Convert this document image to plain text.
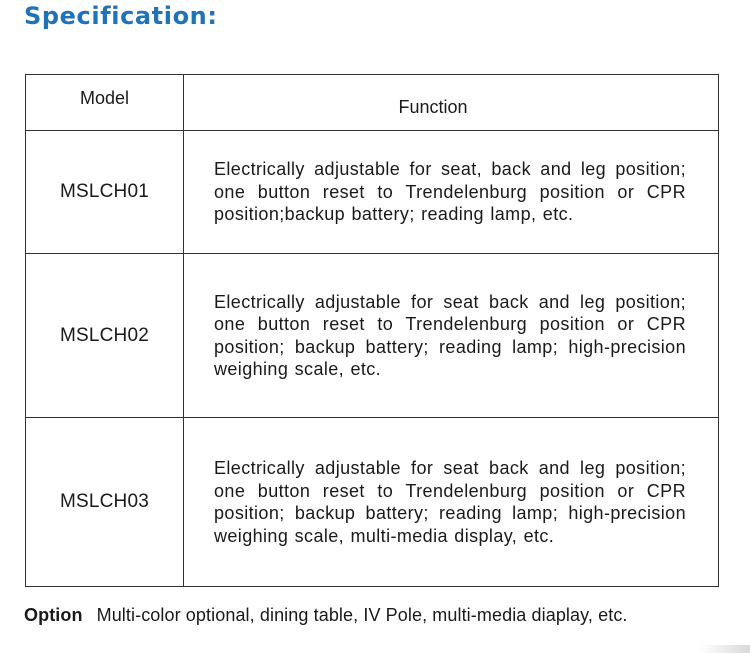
Specification:
Model	Function
MSLCH01	Electrically adjustable for seat, back and leg position; one button reset to Trendelenburg position or CPR position;backup battery; reading lamp, etc.

MSLCH02	Electrically adjustable for seat back and leg position; one button reset to Trendelenburg position or CPR position; backup battery; reading lamp; high-precision weighing scale, etc.

MSLCH03	Electrically adjustable for seat back and leg position; one button reset to Trendelenburg position or CPR position; backup battery; reading lamp; high-precision weighing scale, multi-media display, etc.
Option Multi-color optional, dining table, IV Pole, multi-media diaplay, etc.
